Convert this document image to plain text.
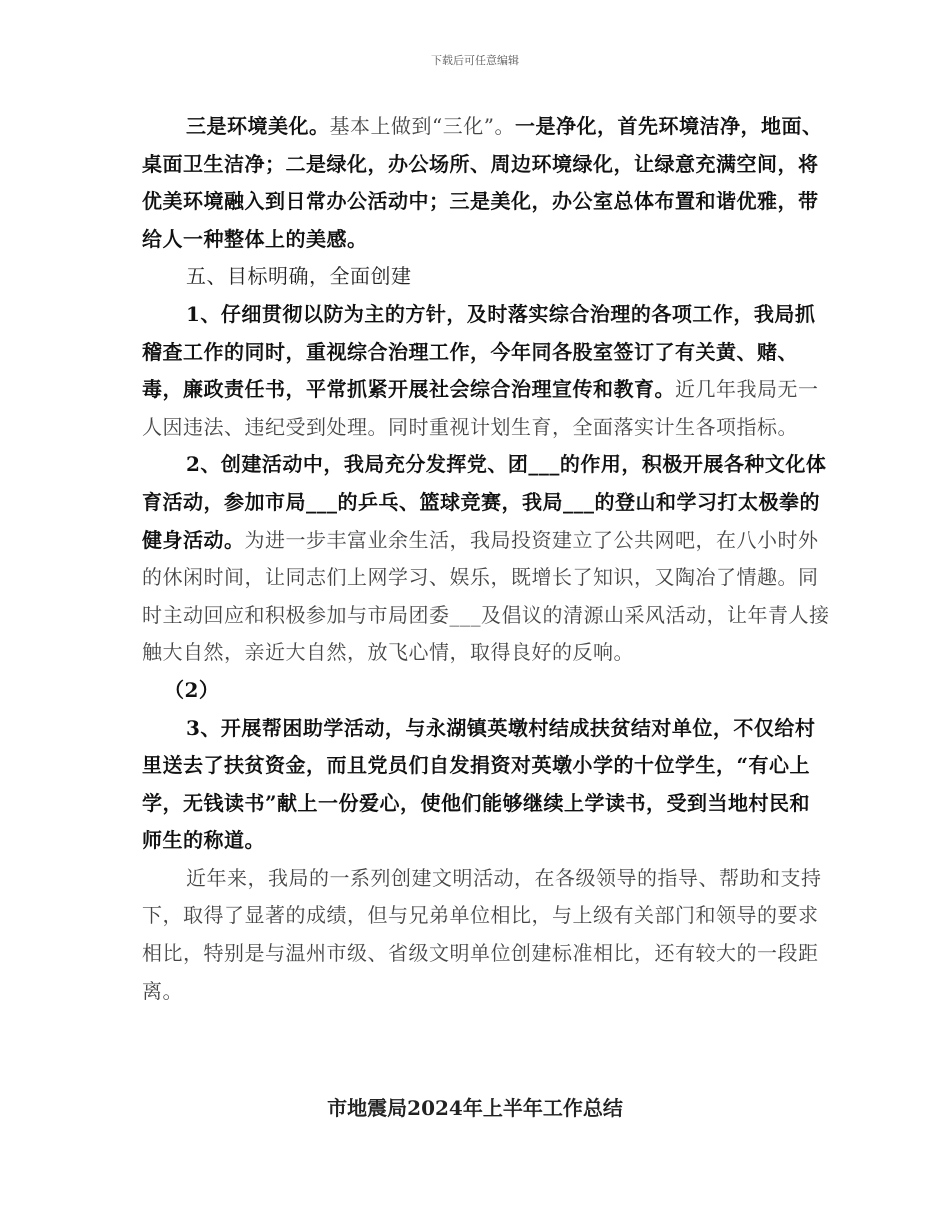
下载后可任意编辑

三是环境美化。基本上做到“三化”。一是净化，首先环境洁净，地面、桌面卫生洁净；二是绿化，办公场所、周边环境绿化，让绿意充满空间，将优美环境融入到日常办公活动中；三是美化，办公室总体布置和谐优雅，带给人一种整体上的美感。

五、目标明确，全面创建

1、仔细贯彻以防为主的方针，及时落实综合治理的各项工作，我局抓稽查工作的同时，重视综合治理工作，今年同各股室签订了有关黄、赌、毒，廉政责任书，平常抓紧开展社会综合治理宣传和教育。近几年我局无一人因违法、违纪受到处理。同时重视计划生育，全面落实计生各项指标。

2、创建活动中，我局充分发挥党、团___的作用，积极开展各种文化体育活动，参加市局___的乒乓、篮球竞赛，我局___的登山和学习打太极拳的健身活动。为进一步丰富业余生活，我局投资建立了公共网吧，在八小时外的休闲时间，让同志们上网学习、娱乐，既增长了知识，又陶冶了情趣。同时主动回应和积极参加与市局团委___及倡议的清源山采风活动，让年青人接触大自然，亲近大自然，放飞心情，取得良好的反响。

（2）

3、开展帮困助学活动，与永湖镇英墩村结成扶贫结对单位，不仅给村里送去了扶贫资金，而且党员们自发捐资对英墩小学的十位学生，“有心上学，无钱读书”献上一份爱心，使他们能够继续上学读书，受到当地村民和师生的称道。

近年来，我局的一系列创建文明活动，在各级领导的指导、帮助和支持下，取得了显著的成绩，但与兄弟单位相比，与上级有关部门和领导的要求相比，特别是与温州市级、省级文明单位创建标准相比，还有较大的一段距离。

市地震局2024年上半年工作总结
